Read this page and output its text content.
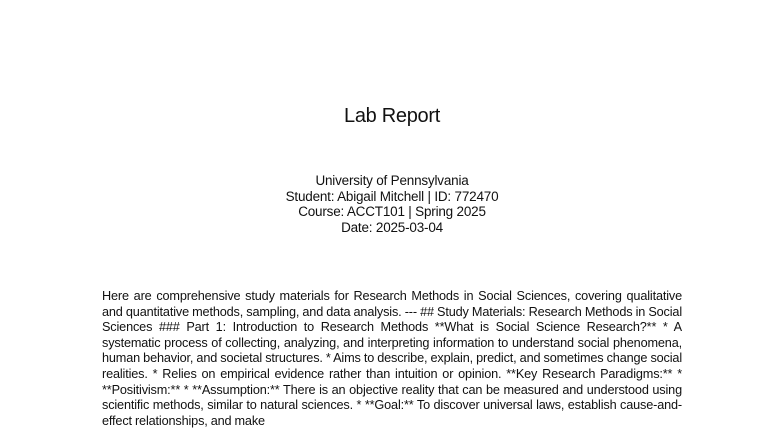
Lab Report
University of Pennsylvania
Student: Abigail Mitchell | ID: 772470
Course: ACCT101 | Spring 2025
Date: 2025-03-04
Here are comprehensive study materials for Research Methods in Social Sciences, covering qualitative and quantitative methods, sampling, and data analysis. --- ## Study Materials: Research Methods in Social Sciences ### Part 1: Introduction to Research Methods **What is Social Science Research?** * A systematic process of collecting, analyzing, and interpreting information to understand social phenomena, human behavior, and societal structures. * Aims to describe, explain, predict, and sometimes change social realities. * Relies on empirical evidence rather than intuition or opinion. **Key Research Paradigms:** * **Positivism:** * **Assumption:** There is an objective reality that can be measured and understood using scientific methods, similar to natural sciences. * **Goal:** To discover universal laws, establish cause-and-effect relationships, and make
